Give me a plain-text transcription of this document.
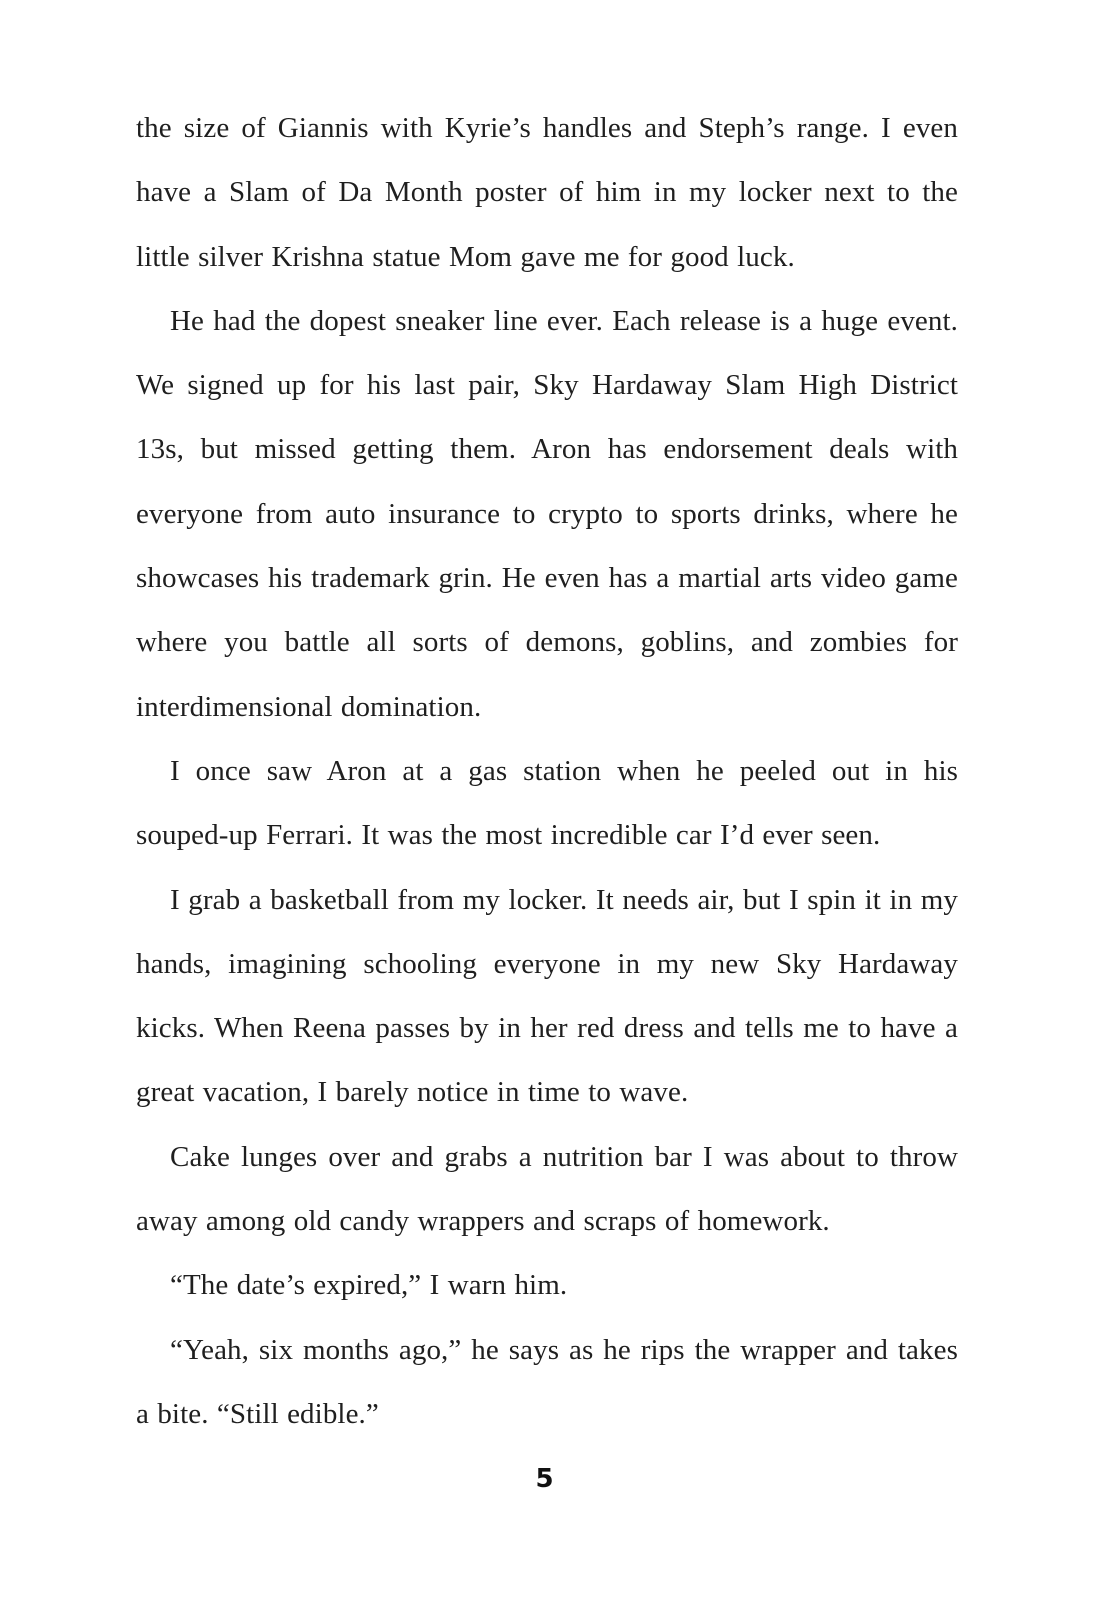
the size of Giannis with Kyrie’s handles and Steph’s range. I even have a Slam of Da Month poster of him in my locker next to the little silver Krishna statue Mom gave me for good luck.

He had the dopest sneaker line ever. Each release is a huge event. We signed up for his last pair, Sky Hardaway Slam High District 13s, but missed getting them. Aron has endorsement deals with everyone from auto insurance to crypto to sports drinks, where he showcases his trademark grin. He even has a martial arts video game where you battle all sorts of demons, goblins, and zombies for interdimensional domination.

I once saw Aron at a gas station when he peeled out in his souped-up Ferrari. It was the most incredible car I’d ever seen.

I grab a basketball from my locker. It needs air, but I spin it in my hands, imagining schooling everyone in my new Sky Hardaway kicks. When Reena passes by in her red dress and tells me to have a great vacation, I barely notice in time to wave.

Cake lunges over and grabs a nutrition bar I was about to throw away among old candy wrappers and scraps of homework.

“The date’s expired,” I warn him.

“Yeah, six months ago,” he says as he rips the wrapper and takes a bite. “Still edible.”

5
